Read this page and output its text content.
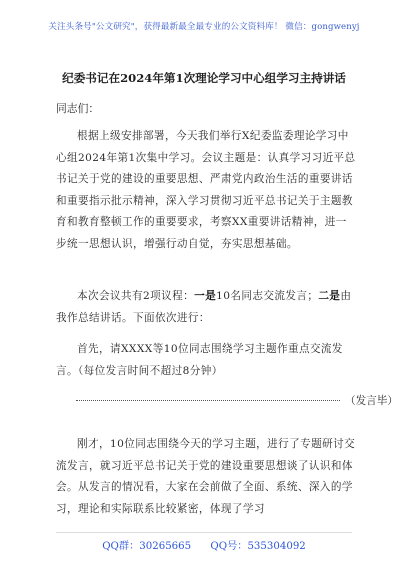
关注头条号"公文研究"，获得最新最全最专业的公文资料库！ 微信：gongwenyj
纪委书记在2024年第1次理论学习中心组学习主持讲话
同志们：

根据上级安排部署，今天我们举行X纪委监委理论学习中心组2024年第1次集中学习。会议主题是：认真学习习近平总书记关于党的建设的重要思想、严肃党内政治生活的重要讲话和重要指示批示精神，深入学习贯彻习近平总书记关于主题教育和教育整顿工作的重要要求，考察XX重要讲话精神，进一步统一思想认识，增强行动自觉，夯实思想基础。

本次会议共有2项议程：一是10名同志交流发言；二是由我作总结讲话。下面依次进行：

首先，请XXXX等10位同志围绕学习主题作重点交流发言。（每位发言时间不超过8分钟）

（发言毕）

刚才，10位同志围绕今天的学习主题，进行了专题研讨交流发言，就习近平总书记关于党的建设重要思想谈了认识和体会。从发言的情况看，大家在会前做了全面、系统、深入的学习，理论和实际联系比较紧密，体现了学习

QQ群：30265665 QQ号：535304092
